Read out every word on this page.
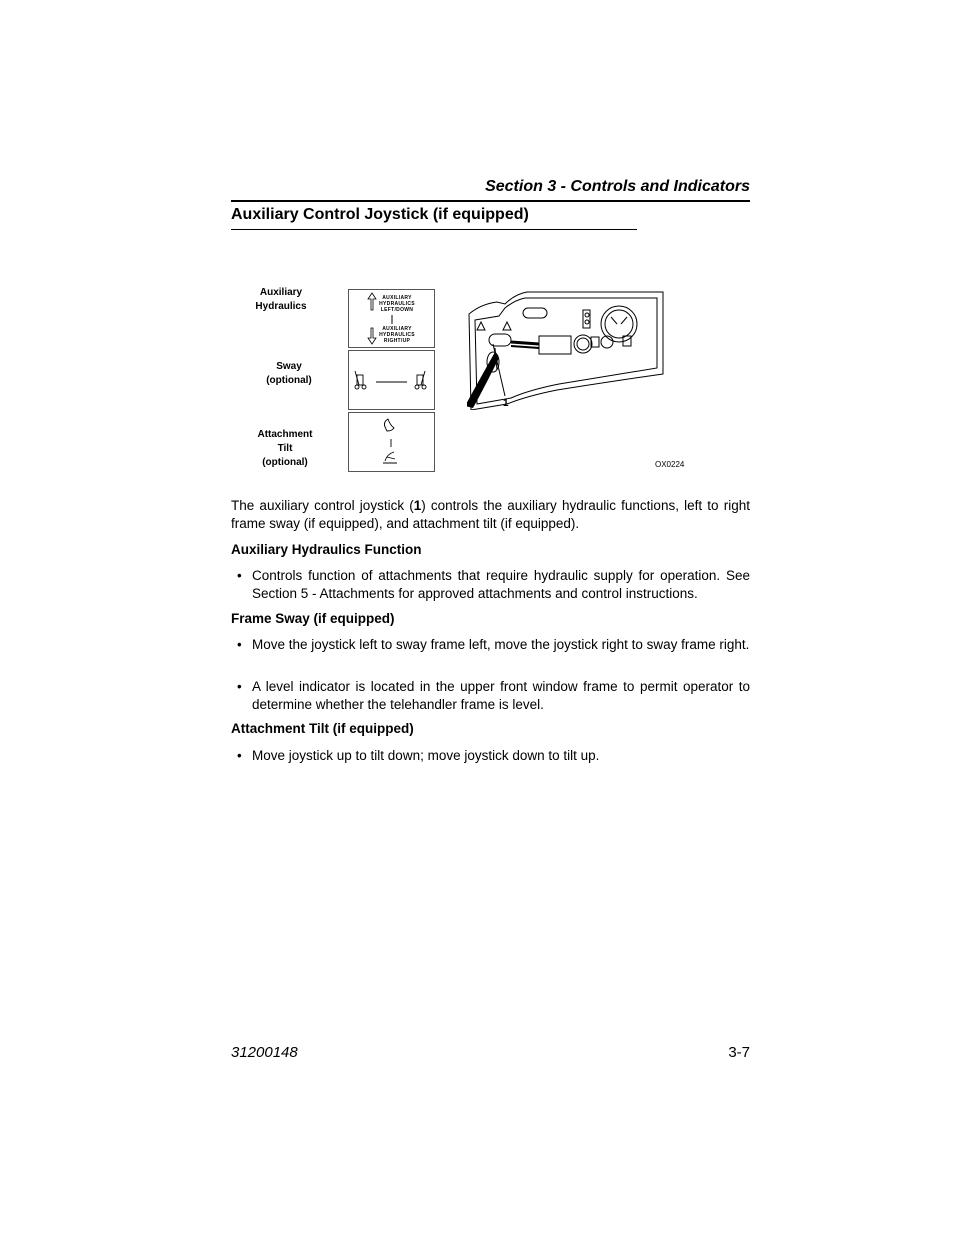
Section 3 - Controls and Indicators
Auxiliary Control Joystick (if equipped)
Auxiliary
Hydraulics
Sway
(optional)
Attachment
Tilt
(optional)
AUXILIARY
HYDRAULICS
LEFT/DOWN
AUXILIARY
HYDRAULICS
RIGHT/UP
1
OX0224
The auxiliary control joystick (1) controls the auxiliary hydraulic functions, left to right frame sway (if equipped), and attachment tilt (if equipped).
Auxiliary Hydraulics Function
• Controls function of attachments that require hydraulic supply for operation. See Section 5 - Attachments for approved attachments and control instructions.
Frame Sway (if equipped)
• Move the joystick left to sway frame left, move the joystick right to sway frame right.
• A level indicator is located in the upper front window frame to permit operator to determine whether the telehandler frame is level.
Attachment Tilt (if equipped)
• Move joystick up to tilt down; move joystick down to tilt up.
31200148	3-7
